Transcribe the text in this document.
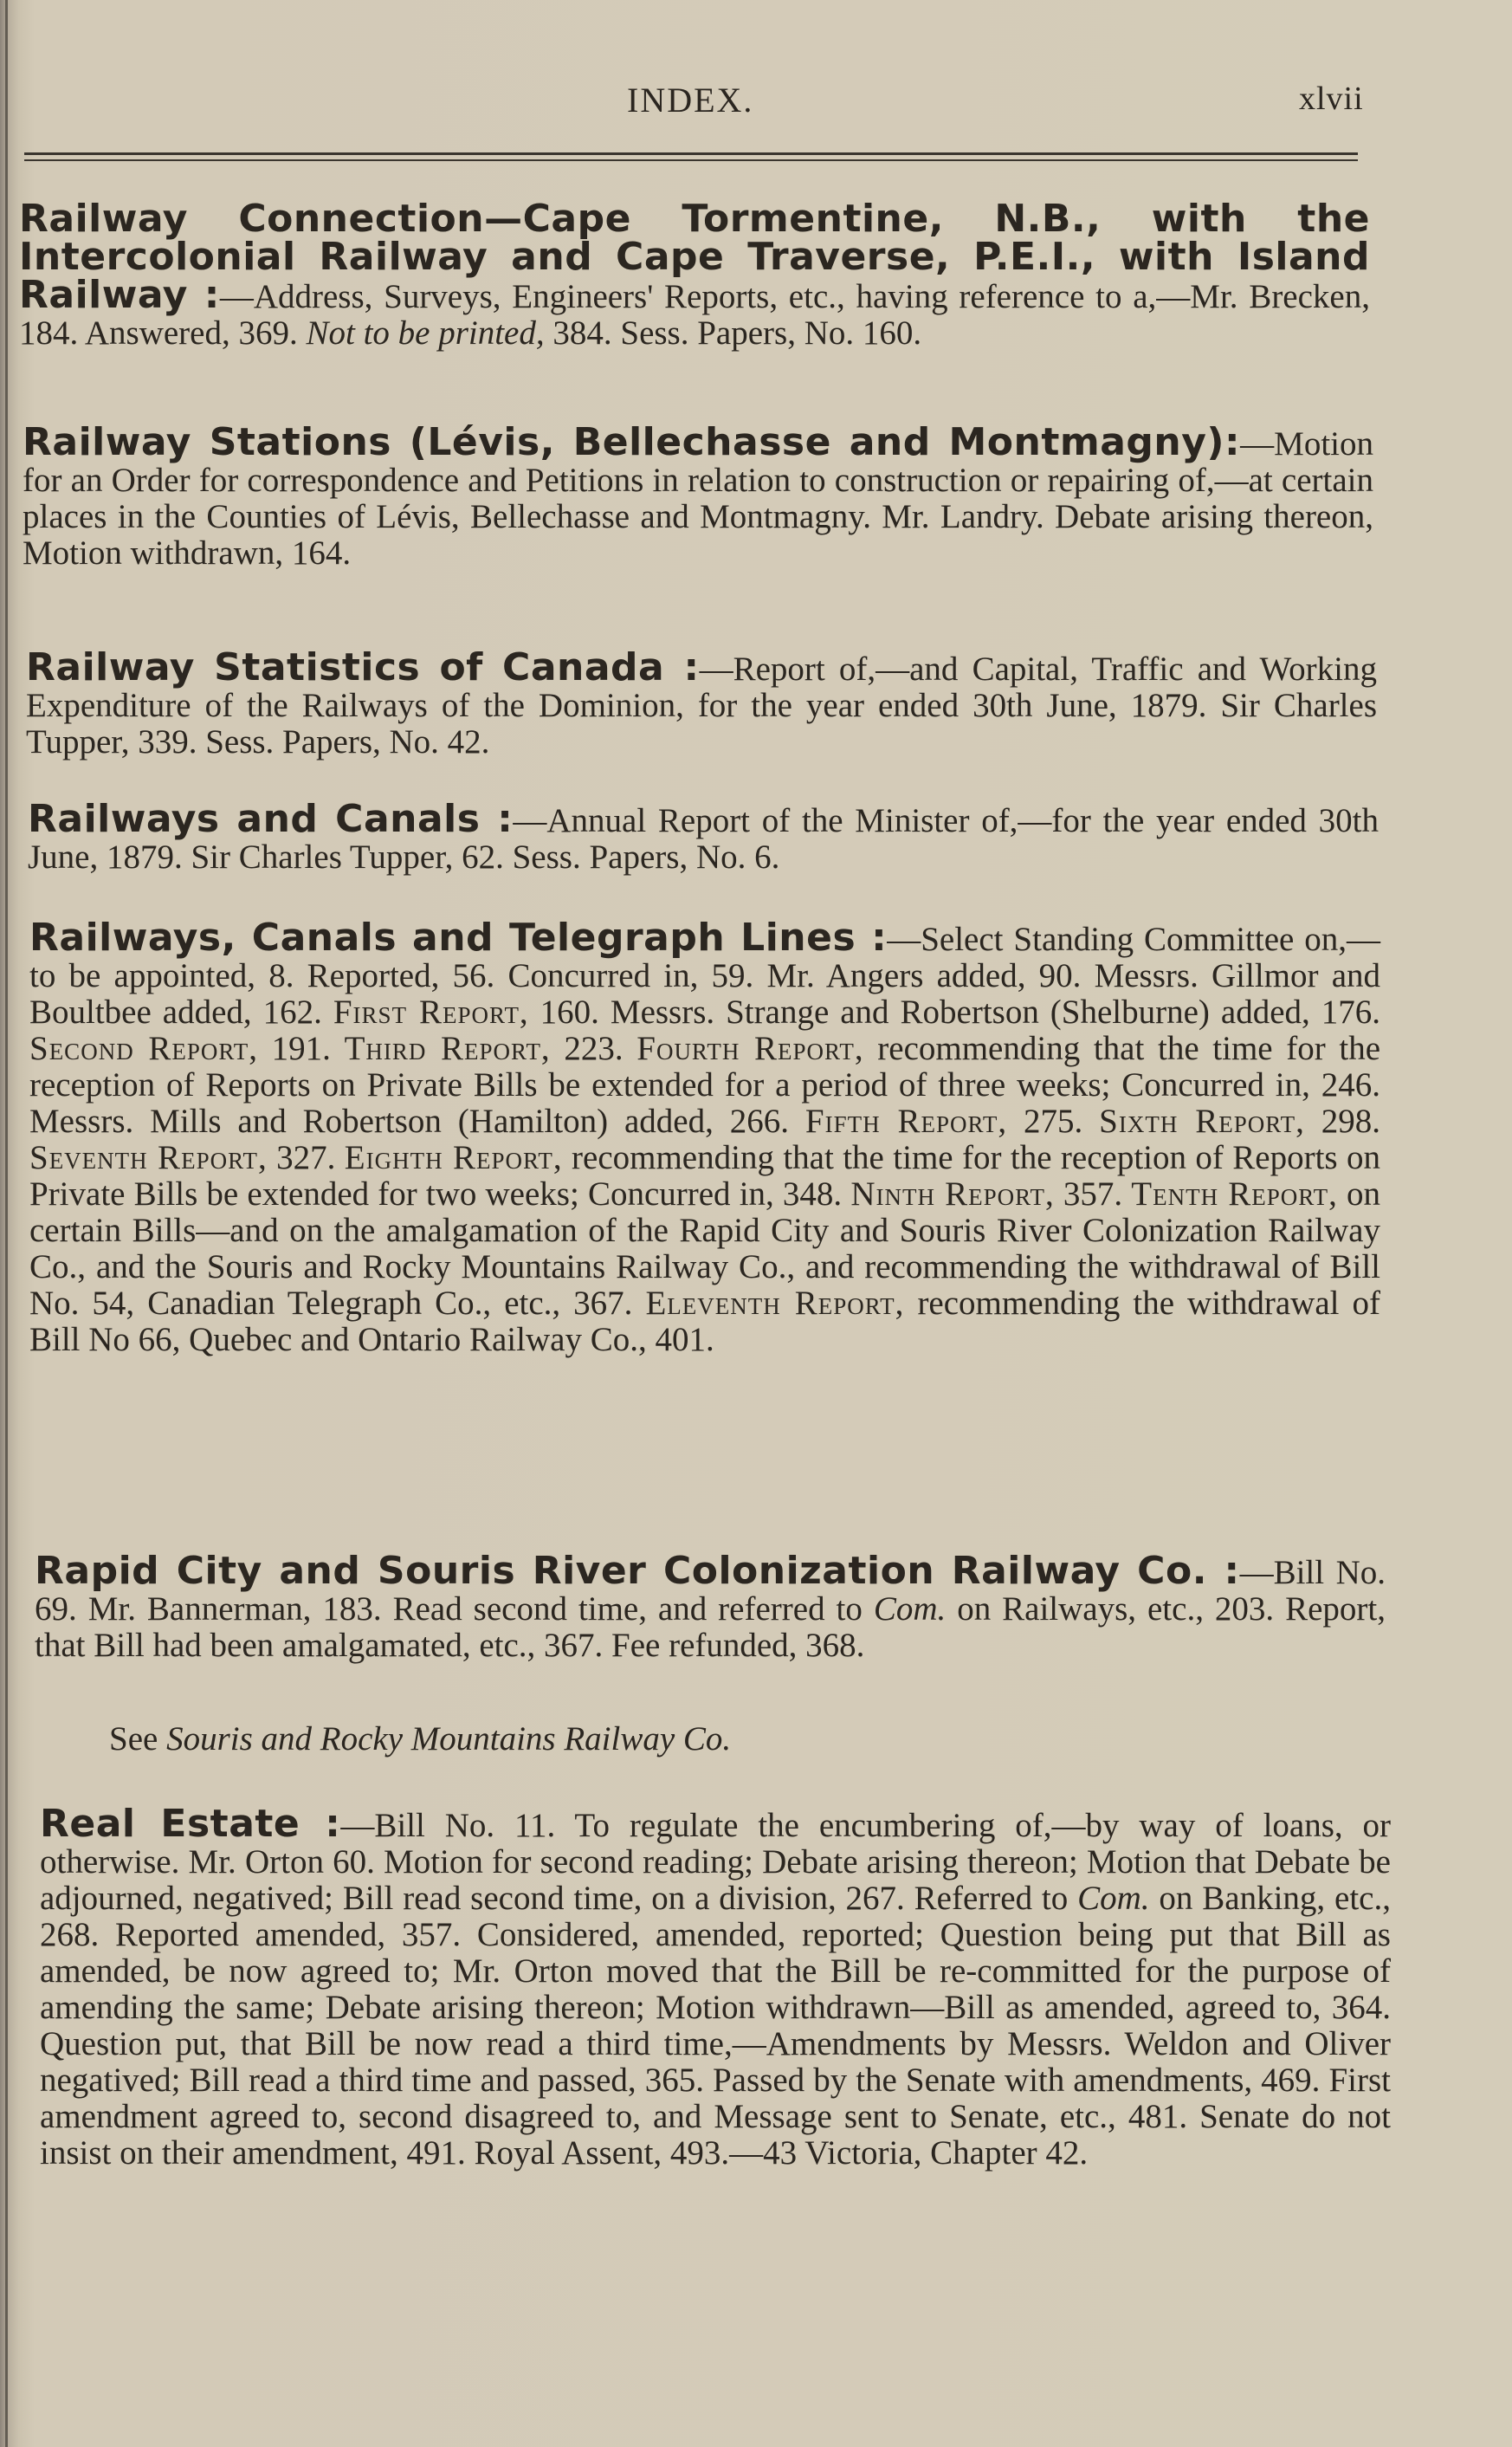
INDEX.	xlvii

Railway Connection—Cape Tormentine, N.B., with the Intercolonial Railway and Cape Traverse, P.E.I., with Island Railway :—Address, Surveys, Engineers' Reports, etc., having reference to a,—Mr. Brecken, 184. Answered, 369. Not to be printed, 384. Sess. Papers, No. 160.

Railway Stations (Lévis, Bellechasse and Montmagny):—Motion for an Order for correspondence and Petitions in relation to construction or repairing of,—at certain places in the Counties of Lévis, Bellechasse and Montmagny. Mr. Landry. Debate arising thereon, Motion withdrawn, 164.

Railway Statistics of Canada :—Report of,—and Capital, Traffic and Working Expenditure of the Railways of the Dominion, for the year ended 30th June, 1879. Sir Charles Tupper, 339. Sess. Papers, No. 42.

Railways and Canals :—Annual Report of the Minister of,—for the year ended 30th June, 1879. Sir Charles Tupper, 62. Sess. Papers, No. 6.

Railways, Canals and Telegraph Lines :—Select Standing Committee on,—to be appointed, 8. Reported, 56. Concurred in, 59. Mr. Angers added, 90. Messrs. Gillmor and Boultbee added, 162. First Report, 160. Messrs. Strange and Robertson (Shelburne) added, 176. Second Report, 191. Third Report, 223. Fourth Report, recommending that the time for the reception of Reports on Private Bills be extended for a period of three weeks; Concurred in, 246. Messrs. Mills and Robertson (Hamilton) added, 266. Fifth Report, 275. Sixth Report, 298. Seventh Report, 327. Eighth Report, recommending that the time for the reception of Reports on Private Bills be extended for two weeks; Concurred in, 348. Ninth Report, 357. Tenth Report, on certain Bills—and on the amalgamation of the Rapid City and Souris River Colonization Railway Co., and the Souris and Rocky Mountains Railway Co., and recommending the withdrawal of Bill No. 54, Canadian Telegraph Co., etc., 367. Eleventh Report, recommending the withdrawal of Bill No 66, Quebec and Ontario Railway Co., 401.

Rapid City and Souris River Colonization Railway Co. :—Bill No. 69. Mr. Bannerman, 183. Read second time, and referred to Com. on Railways, etc., 203. Report, that Bill had been amalgamated, etc., 367. Fee refunded, 368.

See Souris and Rocky Mountains Railway Co.

Real Estate :—Bill No. 11. To regulate the encumbering of,—by way of loans, or otherwise. Mr. Orton 60. Motion for second reading; Debate arising thereon; Motion that Debate be adjourned, negatived; Bill read second time, on a division, 267. Referred to Com. on Banking, etc., 268. Reported amended, 357. Considered, amended, reported; Question being put that Bill as amended, be now agreed to; Mr. Orton moved that the Bill be re-committed for the purpose of amending the same; Debate arising thereon; Motion withdrawn—Bill as amended, agreed to, 364. Question put, that Bill be now read a third time,—Amendments by Messrs. Weldon and Oliver negatived; Bill read a third time and passed, 365. Passed by the Senate with amendments, 469. First amendment agreed to, second disagreed to, and Message sent to Senate, etc., 481. Senate do not insist on their amendment, 491. Royal Assent, 493.—43 Victoria, Chapter 42.
